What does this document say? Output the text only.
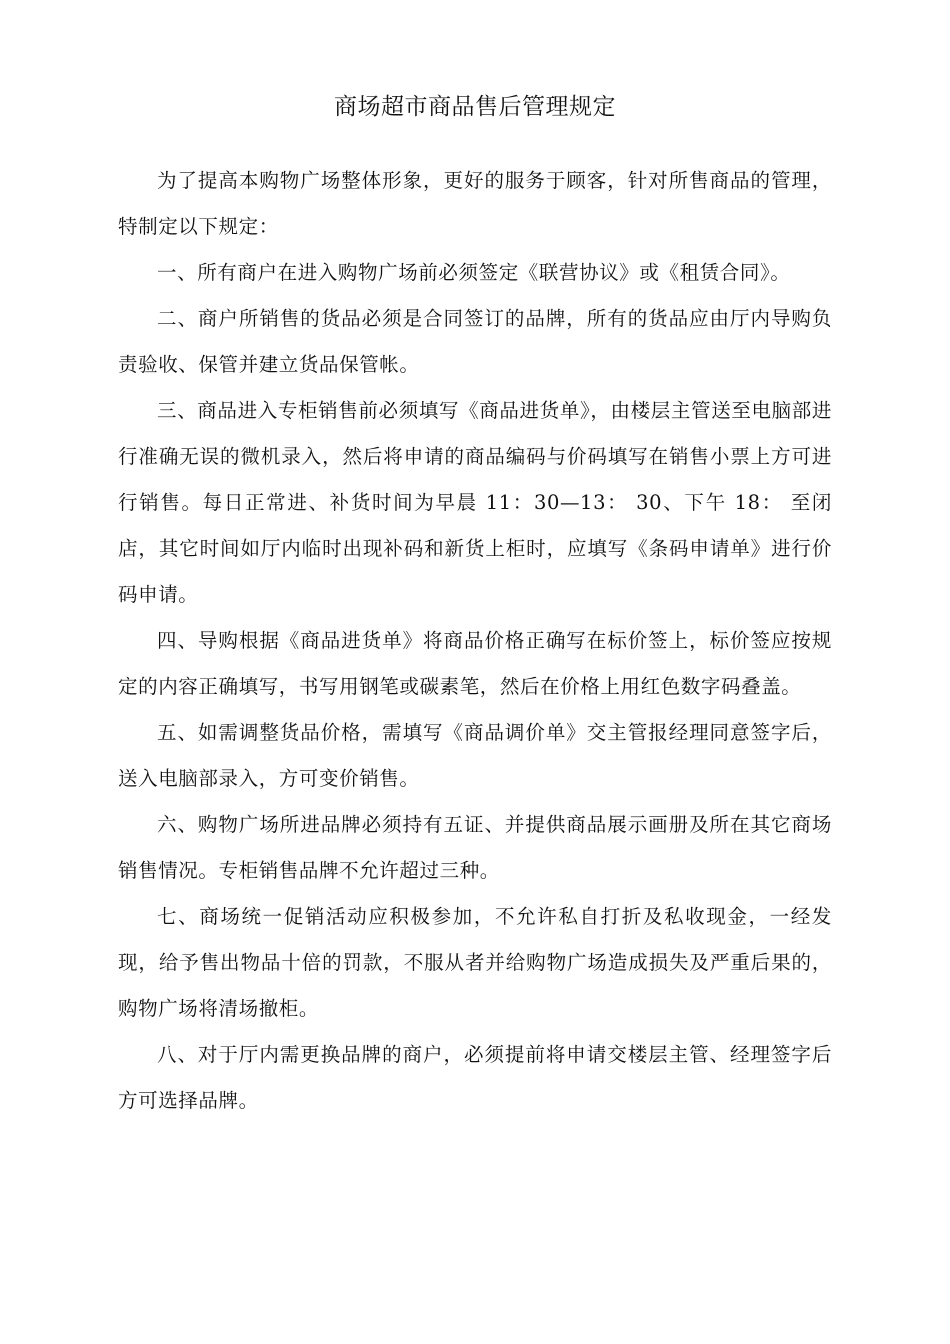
商场超市商品售后管理规定

为了提高本购物广场整体形象，更好的服务于顾客，针对所售商品的管理，特制定以下规定：

一、所有商户在进入购物广场前必须签定《联营协议》或《租赁合同》。

二、商户所销售的货品必须是合同签订的品牌，所有的货品应由厅内导购负责验收、保管并建立货品保管帐。

三、商品进入专柜销售前必须填写《商品进货单》，由楼层主管送至电脑部进行准确无误的微机录入，然后将申请的商品编码与价码填写在销售小票上方可进行销售。每日正常进、补货时间为早晨 11：30—13： 30、下午 18： 至闭店，其它时间如厅内临时出现补码和新货上柜时，应填写《条码申请单》进行价码申请。

四、导购根据《商品进货单》将商品价格正确写在标价签上，标价签应按规定的内容正确填写，书写用钢笔或碳素笔，然后在价格上用红色数字码叠盖。

五、如需调整货品价格，需填写《商品调价单》交主管报经理同意签字后，送入电脑部录入，方可变价销售。

六、购物广场所进品牌必须持有五证、并提供商品展示画册及所在其它商场销售情况。专柜销售品牌不允许超过三种。

七、商场统一促销活动应积极参加，不允许私自打折及私收现金，一经发现，给予售出物品十倍的罚款，不服从者并给购物广场造成损失及严重后果的，购物广场将清场撤柜。

八、对于厅内需更换品牌的商户，必须提前将申请交楼层主管、经理签字后方可选择品牌。
